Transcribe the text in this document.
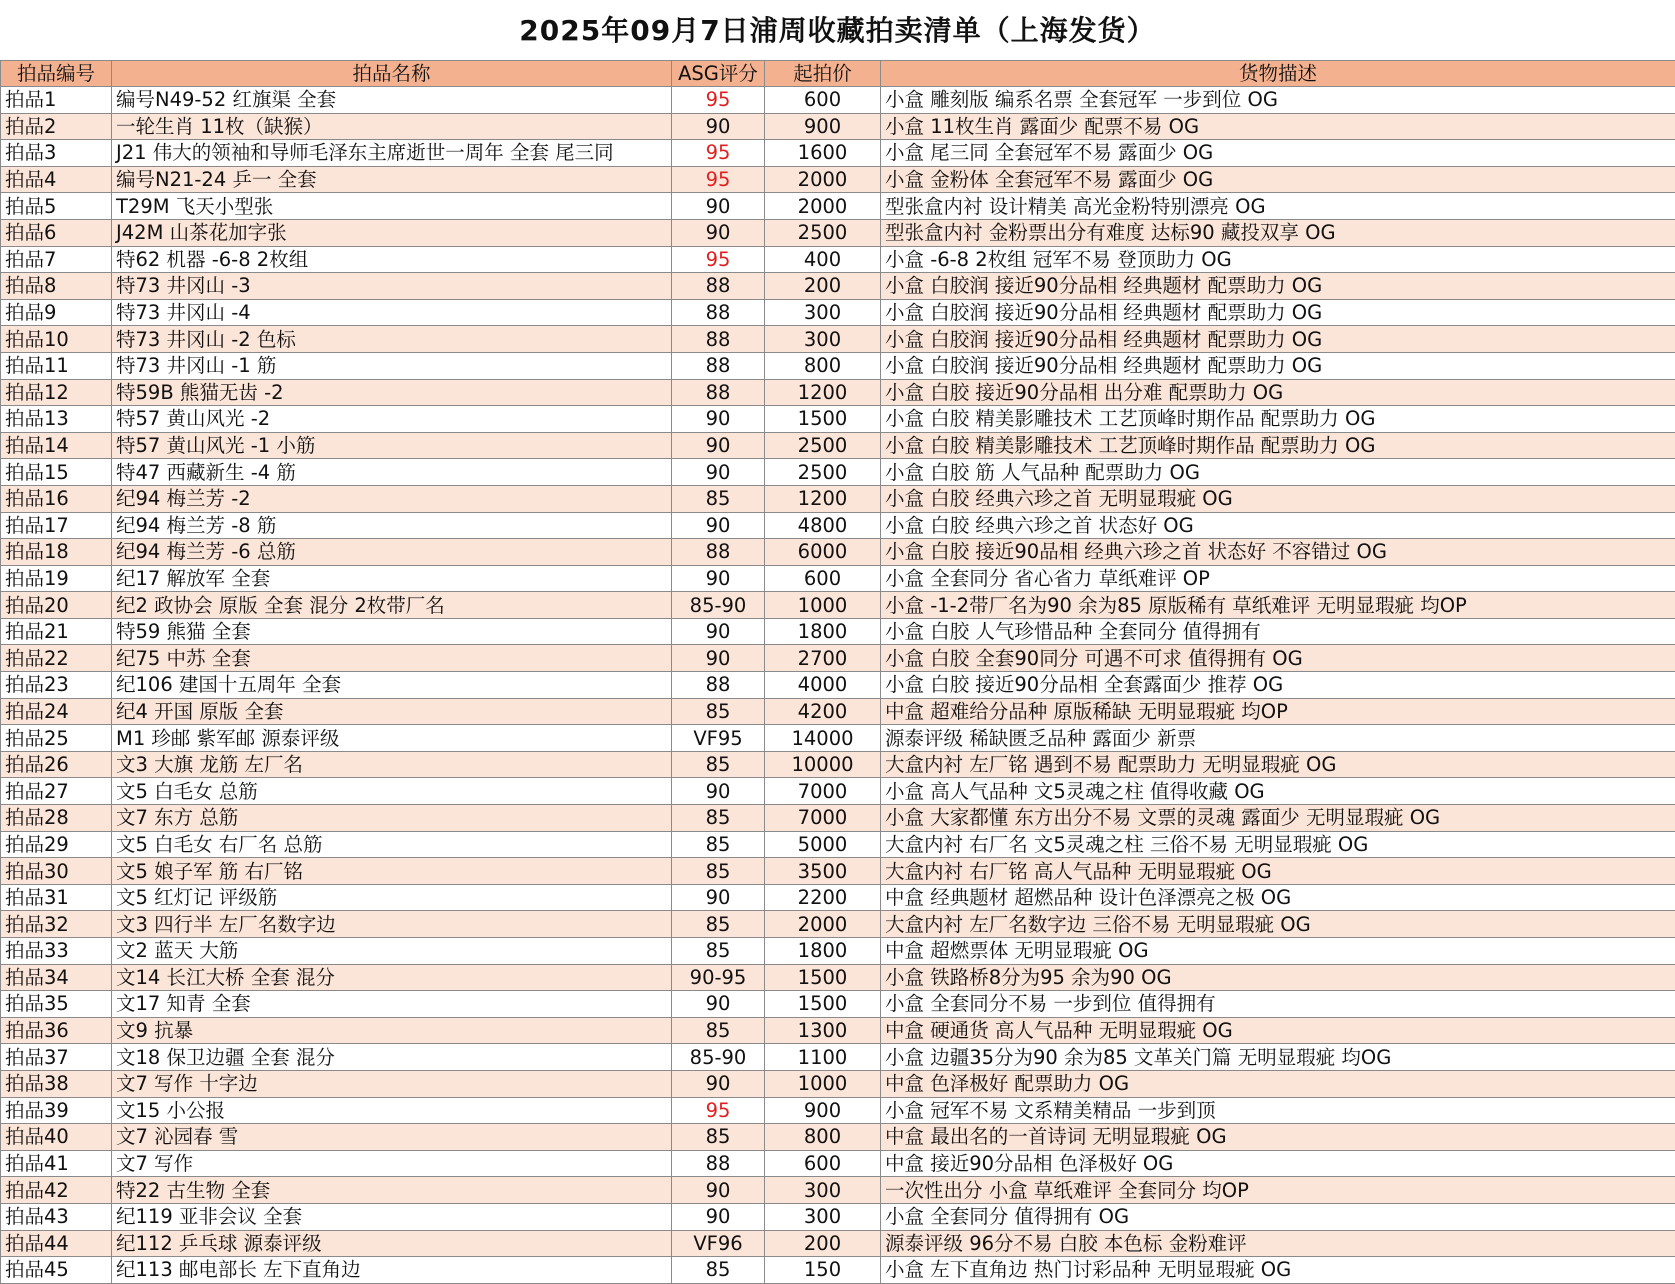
2025年09月7日浦周收藏拍卖清单（上海发货）
拍品编号	拍品名称	ASG评分	起拍价	货物描述
拍品1	编号N49-52 红旗渠 全套	95	600	小盒 雕刻版 编系名票 全套冠军 一步到位 OG
拍品2	一轮生肖 11枚（缺猴）	90	900	小盒 11枚生肖 露面少 配票不易 OG
拍品3	J21 伟大的领袖和导师毛泽东主席逝世一周年 全套 尾三同	95	1600	小盒 尾三同 全套冠军不易 露面少 OG
拍品4	编号N21-24 乒一 全套	95	2000	小盒 金粉体 全套冠军不易 露面少 OG
拍品5	T29M 飞天小型张	90	2000	型张盒内衬 设计精美 高光金粉特别漂亮 OG
拍品6	J42M 山茶花加字张	90	2500	型张盒内衬 金粉票出分有难度 达标90 藏投双享 OG
拍品7	特62 机器 -6-8 2枚组	95	400	小盒 -6-8 2枚组 冠军不易 登顶助力 OG
拍品8	特73 井冈山 -3	88	200	小盒 白胶润 接近90分品相 经典题材 配票助力 OG
拍品9	特73 井冈山 -4	88	300	小盒 白胶润 接近90分品相 经典题材 配票助力 OG
拍品10	特73 井冈山 -2 色标	88	300	小盒 白胶润 接近90分品相 经典题材 配票助力 OG
拍品11	特73 井冈山 -1 筋	88	800	小盒 白胶润 接近90分品相 经典题材 配票助力 OG
拍品12	特59B 熊猫无齿 -2	88	1200	小盒 白胶 接近90分品相 出分难 配票助力 OG
拍品13	特57 黄山风光 -2	90	1500	小盒 白胶 精美影雕技术 工艺顶峰时期作品 配票助力 OG
拍品14	特57 黄山风光 -1 小筋	90	2500	小盒 白胶 精美影雕技术 工艺顶峰时期作品 配票助力 OG
拍品15	特47 西藏新生 -4 筋	90	2500	小盒 白胶 筋 人气品种 配票助力 OG
拍品16	纪94 梅兰芳 -2	85	1200	小盒 白胶 经典六珍之首 无明显瑕疵 OG
拍品17	纪94 梅兰芳 -8 筋	90	4800	小盒 白胶 经典六珍之首 状态好 OG
拍品18	纪94 梅兰芳 -6 总筋	88	6000	小盒 白胶 接近90品相 经典六珍之首 状态好 不容错过 OG
拍品19	纪17 解放军 全套	90	600	小盒 全套同分 省心省力 草纸难评 OP
拍品20	纪2 政协会 原版 全套 混分 2枚带厂名	85-90	1000	小盒 -1-2带厂名为90 余为85 原版稀有 草纸难评 无明显瑕疵 均OP
拍品21	特59 熊猫 全套	90	1800	小盒 白胶 人气珍惜品种 全套同分 值得拥有
拍品22	纪75 中苏 全套	90	2700	小盒 白胶 全套90同分 可遇不可求 值得拥有 OG
拍品23	纪106 建国十五周年 全套	88	4000	小盒 白胶 接近90分品相 全套露面少 推荐 OG
拍品24	纪4 开国 原版 全套	85	4200	中盒 超难给分品种 原版稀缺 无明显瑕疵 均OP
拍品25	M1 珍邮 紫军邮 源泰评级	VF95	14000	源泰评级 稀缺匮乏品种 露面少 新票
拍品26	文3 大旗 龙筋 左厂名	85	10000	大盒内衬 左厂铭 遇到不易 配票助力 无明显瑕疵 OG
拍品27	文5 白毛女 总筋	90	7000	小盒 高人气品种 文5灵魂之柱 值得收藏 OG
拍品28	文7 东方 总筋	85	7000	小盒 大家都懂 东方出分不易 文票的灵魂 露面少 无明显瑕疵 OG
拍品29	文5 白毛女 右厂名 总筋	85	5000	大盒内衬 右厂名 文5灵魂之柱 三俗不易 无明显瑕疵 OG
拍品30	文5 娘子军 筋 右厂铭	85	3500	大盒内衬 右厂铭 高人气品种 无明显瑕疵 OG
拍品31	文5 红灯记 评级筋	90	2200	中盒 经典题材 超燃品种 设计色泽漂亮之极 OG
拍品32	文3 四行半 左厂名数字边	85	2000	大盒内衬 左厂名数字边 三俗不易 无明显瑕疵 OG
拍品33	文2 蓝天 大筋	85	1800	中盒 超燃票体 无明显瑕疵 OG
拍品34	文14 长江大桥 全套 混分	90-95	1500	小盒 铁路桥8分为95 余为90 OG
拍品35	文17 知青 全套	90	1500	小盒 全套同分不易 一步到位 值得拥有
拍品36	文9 抗暴	85	1300	中盒 硬通货 高人气品种 无明显瑕疵 OG
拍品37	文18 保卫边疆 全套 混分	85-90	1100	小盒 边疆35分为90 余为85 文革关门篇 无明显瑕疵 均OG
拍品38	文7 写作 十字边	90	1000	中盒 色泽极好 配票助力 OG
拍品39	文15 小公报	95	900	小盒 冠军不易 文系精美精品 一步到顶
拍品40	文7 沁园春 雪	85	800	中盒 最出名的一首诗词 无明显瑕疵 OG
拍品41	文7 写作	88	600	中盒 接近90分品相 色泽极好 OG
拍品42	特22 古生物 全套	90	300	一次性出分 小盒 草纸难评 全套同分 均OP
拍品43	纪119 亚非会议 全套	90	300	小盒 全套同分 值得拥有 OG
拍品44	纪112 乒乓球 源泰评级	VF96	200	源泰评级 96分不易 白胶 本色标 金粉难评
拍品45	纪113 邮电部长 左下直角边	85	150	小盒 左下直角边 热门讨彩品种 无明显瑕疵 OG
